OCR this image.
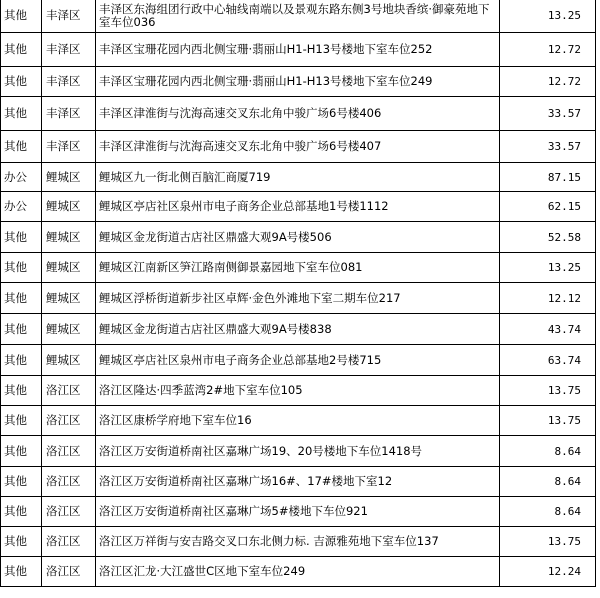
其他	丰泽区	丰泽区东海组团行政中心轴线南端以及景观东路东侧3号地块香缤·御豪苑地下室车位036	13.25
其他	丰泽区	丰泽区宝珊花园内西北侧宝珊·翡丽山H1-H13号楼地下室车位252	12.72
其他	丰泽区	丰泽区宝珊花园内西北侧宝珊·翡丽山H1-H13号楼地下室车位249	12.72
其他	丰泽区	丰泽区津淮街与沈海高速交叉东北角中骏广场6号楼406	33.57
其他	丰泽区	丰泽区津淮街与沈海高速交叉东北角中骏广场6号楼407	33.57
办公	鲤城区	鲤城区九一街北侧百脑汇商厦719	87.15
办公	鲤城区	鲤城区亭店社区泉州市电子商务企业总部基地1号楼1112	62.15
其他	鲤城区	鲤城区金龙街道古店社区鼎盛大观9A号楼506	52.58
其他	鲤城区	鲤城区江南新区笋江路南侧御景嘉园地下室车位081	13.25
其他	鲤城区	鲤城区浮桥街道新步社区卓辉·金色外滩地下室二期车位217	12.12
其他	鲤城区	鲤城区金龙街道古店社区鼎盛大观9A号楼838	43.74
其他	鲤城区	鲤城区亭店社区泉州市电子商务企业总部基地2号楼715	63.74
其他	洛江区	洛江区隆达·四季蓝湾2#地下室车位105	13.75
其他	洛江区	洛江区康桥学府地下室车位16	13.75
其他	洛江区	洛江区万安街道桥南社区嘉琳广场19、20号楼地下车位1418号	8.64
其他	洛江区	洛江区万安街道桥南社区嘉琳广场16#、17#楼地下室12	8.64
其他	洛江区	洛江区万安街道桥南社区嘉琳广场5#楼地下车位921	8.64
其他	洛江区	洛江区万祥街与安吉路交叉口东北侧力标. 吉源雅苑地下室车位137	13.75
其他	洛江区	洛江区汇龙·大江盛世C区地下室车位249	12.24
